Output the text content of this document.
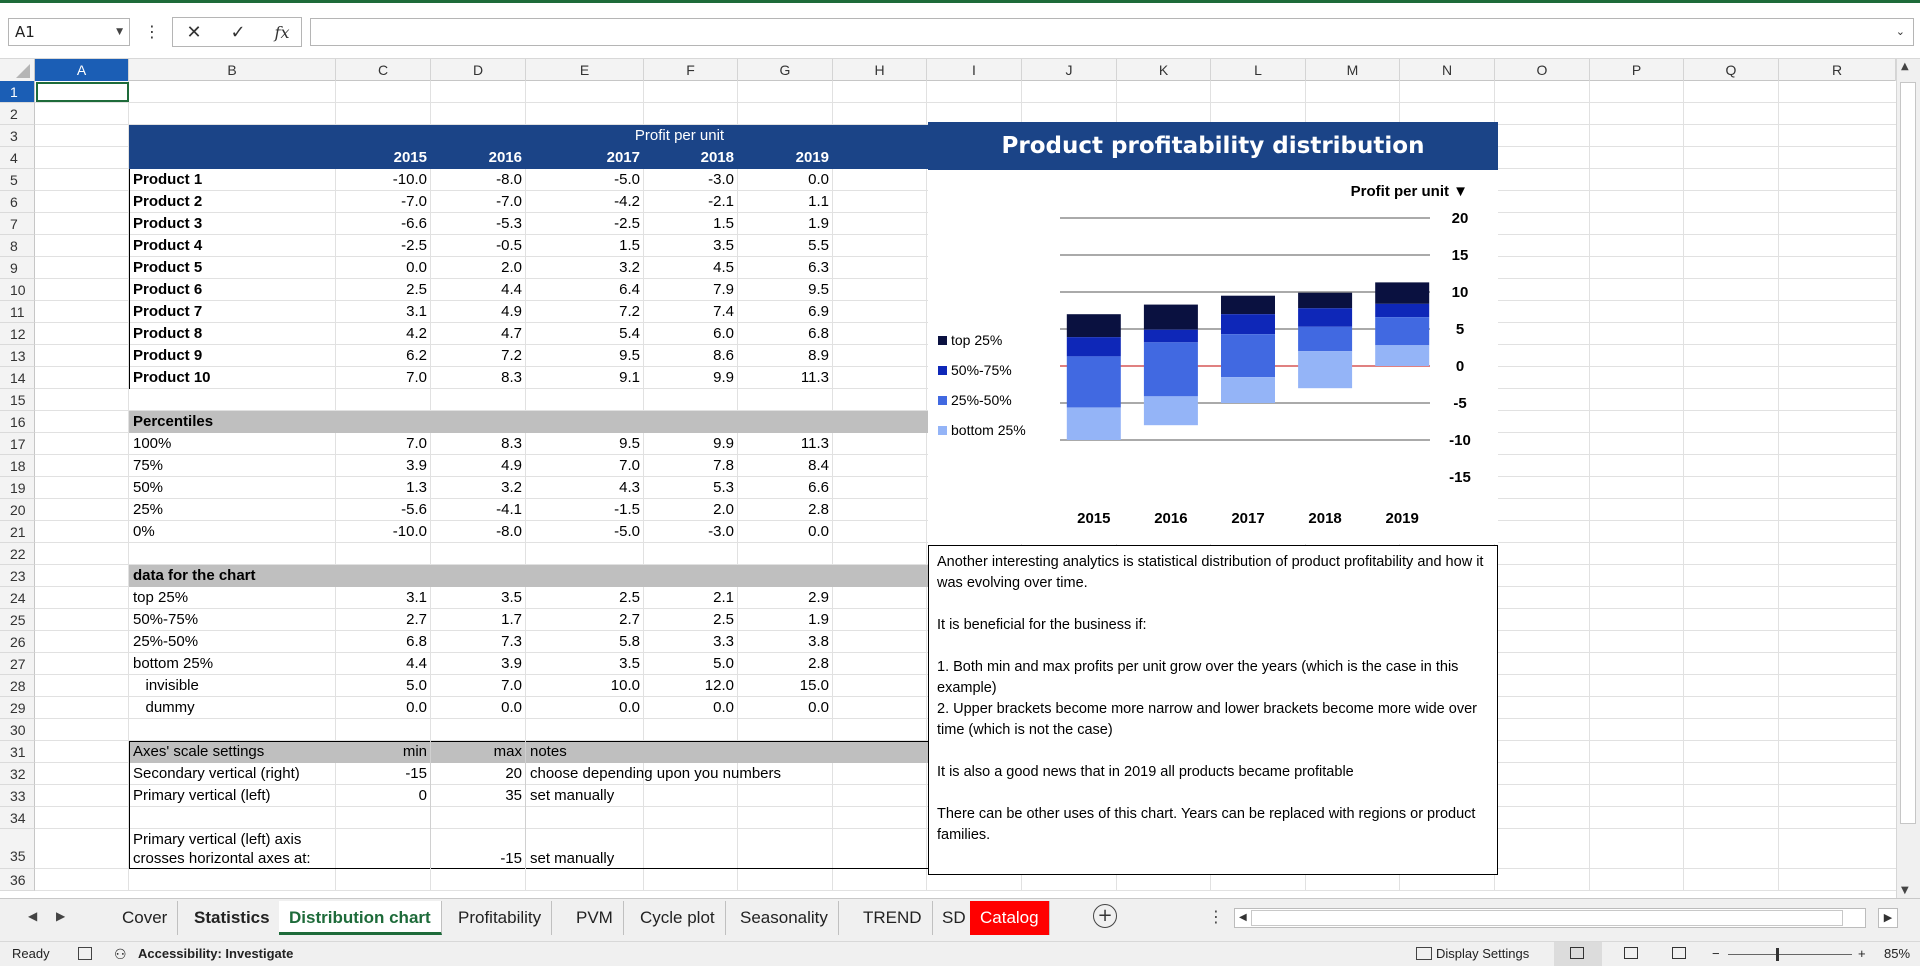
A1	▼ ⋮	✕	✓	fx	⌄
A	B	C	D	E	F	G	H	I	J	K	L	M	N	O	P	Q	R
1
2
3
4
5
6
7
8
9
10
11
12
13
14
15
16
17
18
19
20
21
22
23
24
25
26
27
28
29
30
31
32
33
34
35
36
Profit per unit
2015	2016	2017	2018	2019
Product 1	-10.0	-8.0	-5.0	-3.0	0.0
Product 2	-7.0	-7.0	-4.2	-2.1	1.1
Product 3	-6.6	-5.3	-2.5	1.5	1.9
Product 4	-2.5	-0.5	1.5	3.5	5.5
Product 5	0.0	2.0	3.2	4.5	6.3
Product 6	2.5	4.4	6.4	7.9	9.5
Product 7	3.1	4.9	7.2	7.4	6.9
Product 8	4.2	4.7	5.4	6.0	6.8
Product 9	6.2	7.2	9.5	8.6	8.9
Product 10	7.0	8.3	9.1	9.9	11.3
Percentiles
100%	7.0	8.3	9.5	9.9	11.3
75%	3.9	4.9	7.0	7.8	8.4
50%	1.3	3.2	4.3	5.3	6.6
25%	-5.6	-4.1	-1.5	2.0	2.8
0%	-10.0	-8.0	-5.0	-3.0	0.0
data for the chart
top 25%	3.1	3.5	2.5	2.1	2.9
50%-75%	2.7	1.7	2.7	2.5	1.9
25%-50%	6.8	7.3	5.8	3.3	3.8
bottom 25%	4.4	3.9	3.5	5.0	2.8
invisible	5.0	7.0	10.0	12.0	15.0
dummy	0.0	0.0	0.0	0.0	0.0
Axes' scale settings	min	max notes
Secondary vertical (right)	-15	20 choose depending upon you numbers
Primary vertical (left)	0	35 set manually
Primary vertical (left) axis
crosses horizontal axes at:	-15 set manually
▲
▼
Product profitability distribution
20
15
10
5
0
-5
-10
-15
Profit per unit ▼
2015	2016	2017	2018	2019
top 25%
50%-75%
25%-50%
bottom 25%

Another interesting analytics is statistical distribution of product profitability and how it was evolving over time.

It is beneficial for the business if:

1. Both min and max profits per unit grow over the years (which is the case in this example)

2. Upper brackets become more narrow and lower brackets become more wide over time (which is not the case)

It is also a good news that in 2019 all products became profitable

There can be other uses of this chart. Years can be replaced with regions or product families.

◀ ▶	Cover	Statistics	Distribution chart	Profitability	PVM	Cycle plot	Seasonality	TREND	SD Catalog	+	⋮ ◀	▶
Ready	⚇ Accessibility: Investigate	Display Settings	−	+ 85%
